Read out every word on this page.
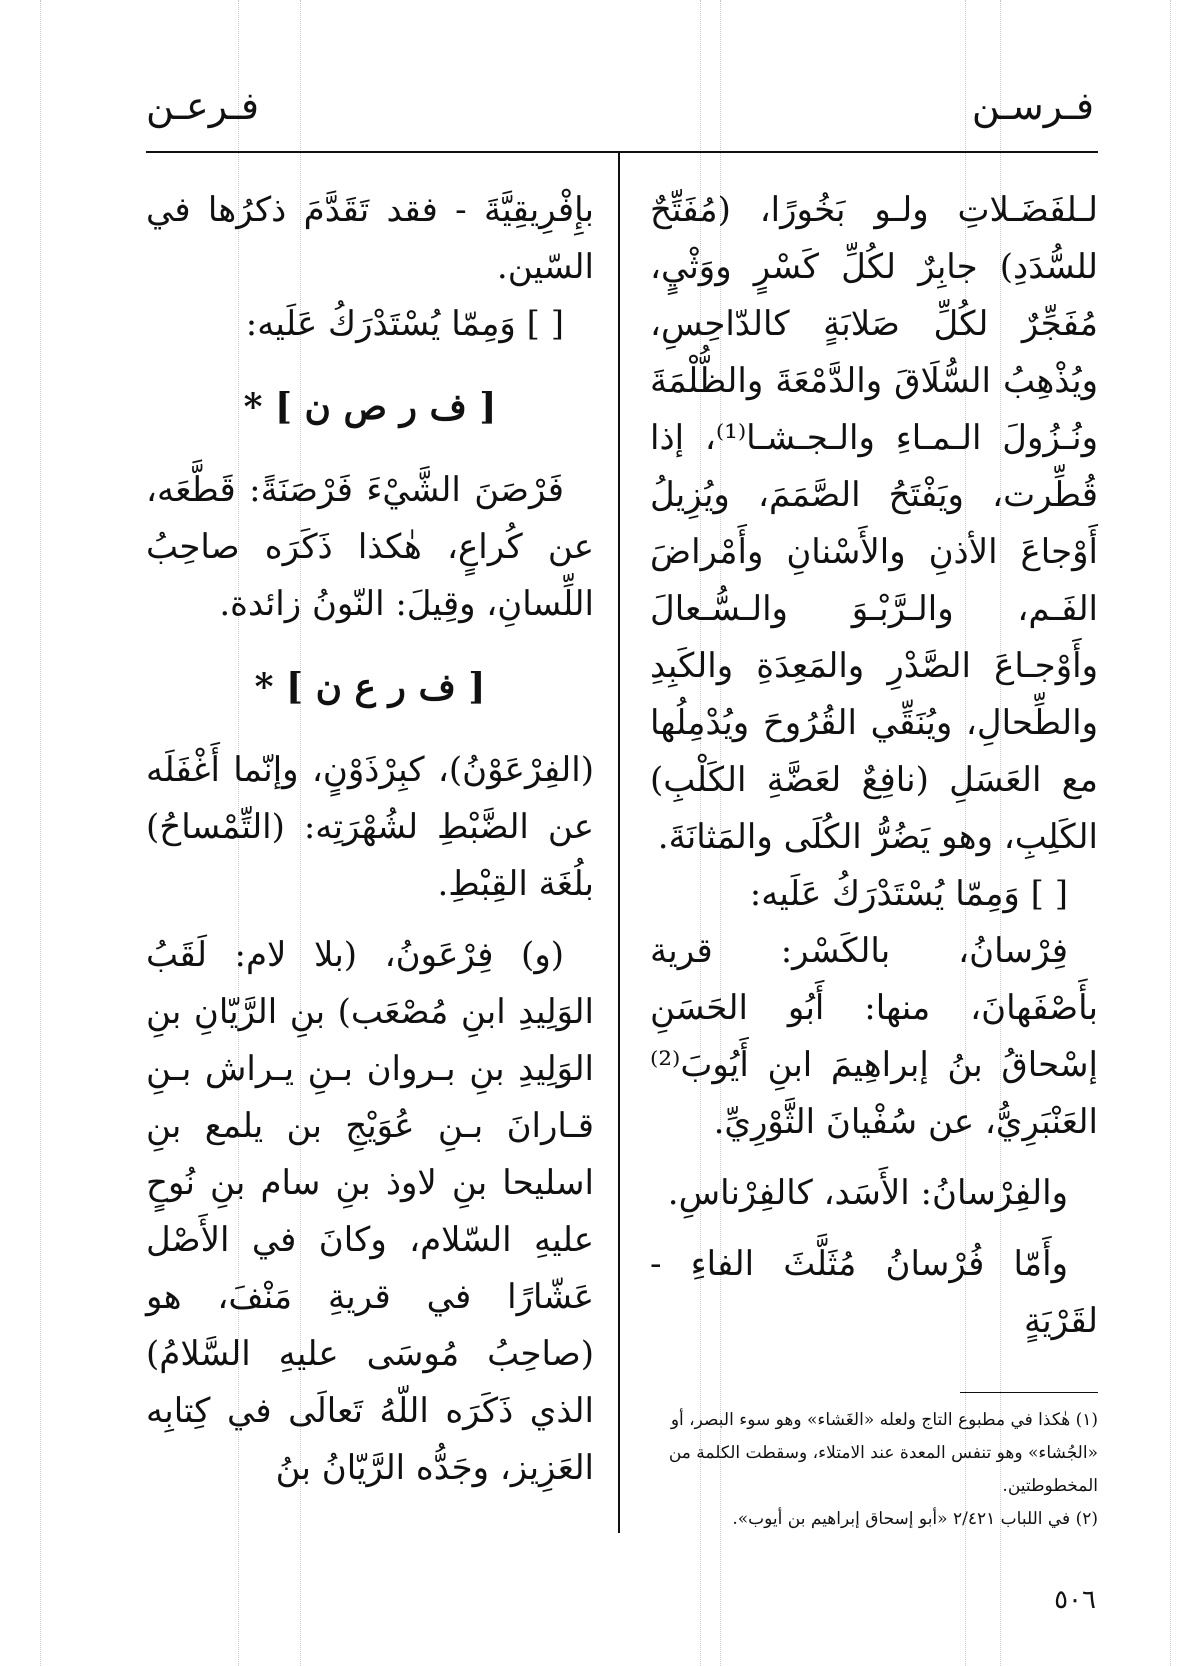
فـرعـن	فـرسـن

لـلفَضَـلاتِ ولـو بَخُورًا، (مُفَتِّحٌ للسُّدَدِ) جابِرٌ لكُلِّ كَسْرٍ ووَثْيٍ، مُفَجِّرٌ لكُلِّ صَلابَةٍ كالدّاحِسِ، ويُذْهِبُ السُّلَاقَ والدَّمْعَةَ والظُّلْمَةَ ونُـزُولَ الـمـاءِ والـجـشـا⁽¹⁾، إذا قُطِّرت، ويَفْتَحُ الصَّمَمَ، ويُزِيلُ أَوْجاعَ الأذنِ والأَسْنانِ وأَمْراضَ الفَـم، والـرَّبْـوَ والـسُّـعالَ وأَوْجـاعَ الصَّدْرِ والمَعِدَةِ والكَبِدِ والطِّحالِ، ويُنَقِّي القُرُوحَ ويُدْمِلُها مع العَسَلِ (نافِعٌ لعَضَّةِ الكَلْبِ) الكَلِبِ، وهو يَضُرُّ الكُلَى والمَثانَةَ.

[ ] وَمِمّا يُسْتَدْرَكُ عَلَيه:

فِرْسانُ، بالكَسْر: قرية بأَصْفَهانَ، منها: أَبُو الحَسَنِ إسْحاقُ بنُ إبراهِيمَ ابنِ أَيُوبَ⁽²⁾ العَنْبَرِيُّ، عن سُفْيانَ الثَّوْرِيِّ.

والفِرْسانُ: الأَسَد، كالفِرْناسِ.

وأَمّا فُرْسانُ مُثَلَّثَ الفاءِ - لقَرْيَةٍ

بإِفْرِيقِيَّةَ - فقد تَقَدَّمَ ذكرُها في السّين.

[ ] وَمِمّا يُسْتَدْرَكُ عَلَيه:

[ ف ر ص ن ] *

فَرْصَنَ الشَّيْءَ فَرْصَنَةً: قَطَّعَه، عن كُراعٍ، هٰكذا ذَكَرَه صاحِبُ اللِّسانِ، وقِيلَ: النّونُ زائدة.

[ ف ر ع ن ] *

(الفِرْعَوْنُ)، كبِرْذَوْنٍ، وإنّما أَغْفَلَه عن الضَّبْطِ لشُهْرَتِه: (التِّمْساحُ) بلُغَة القِبْطِ.

(و) فِرْعَونُ، (بلا لام: لَقَبُ الوَلِيدِ ابنِ مُصْعَب) بنِ الرَّيّانِ بنِ الوَلِيدِ بنِ بـروان بـنِ يـراش بـنِ قـارانَ بـنِ عُوَيْجِ بن يلمع بنِ اسليحا بنِ لاوذ بنِ سام بنِ نُوحٍ عليهِ السّلام، وكانَ في الأَصْل عَشّارًا في قريةِ مَنْفَ، هو (صاحِبُ مُوسَى عليهِ السَّلامُ) الذي ذَكَرَه اللّهُ تَعالَى في كِتابِه العَزِيز، وجَدُّه الرَّيّانُ بنُ

(١) هٰكذا في مطبوع التاج ولعله «الغَشاء» وهو سوء البصر، أو «الجُشاء» وهو تنفس المعدة عند الامتلاء، وسقطت الكلمة من المخطوطتين.

(٢) في اللباب ٢/٤٢١ «أبو إسحاق إبراهيم بن أيوب».

٥٠٦
